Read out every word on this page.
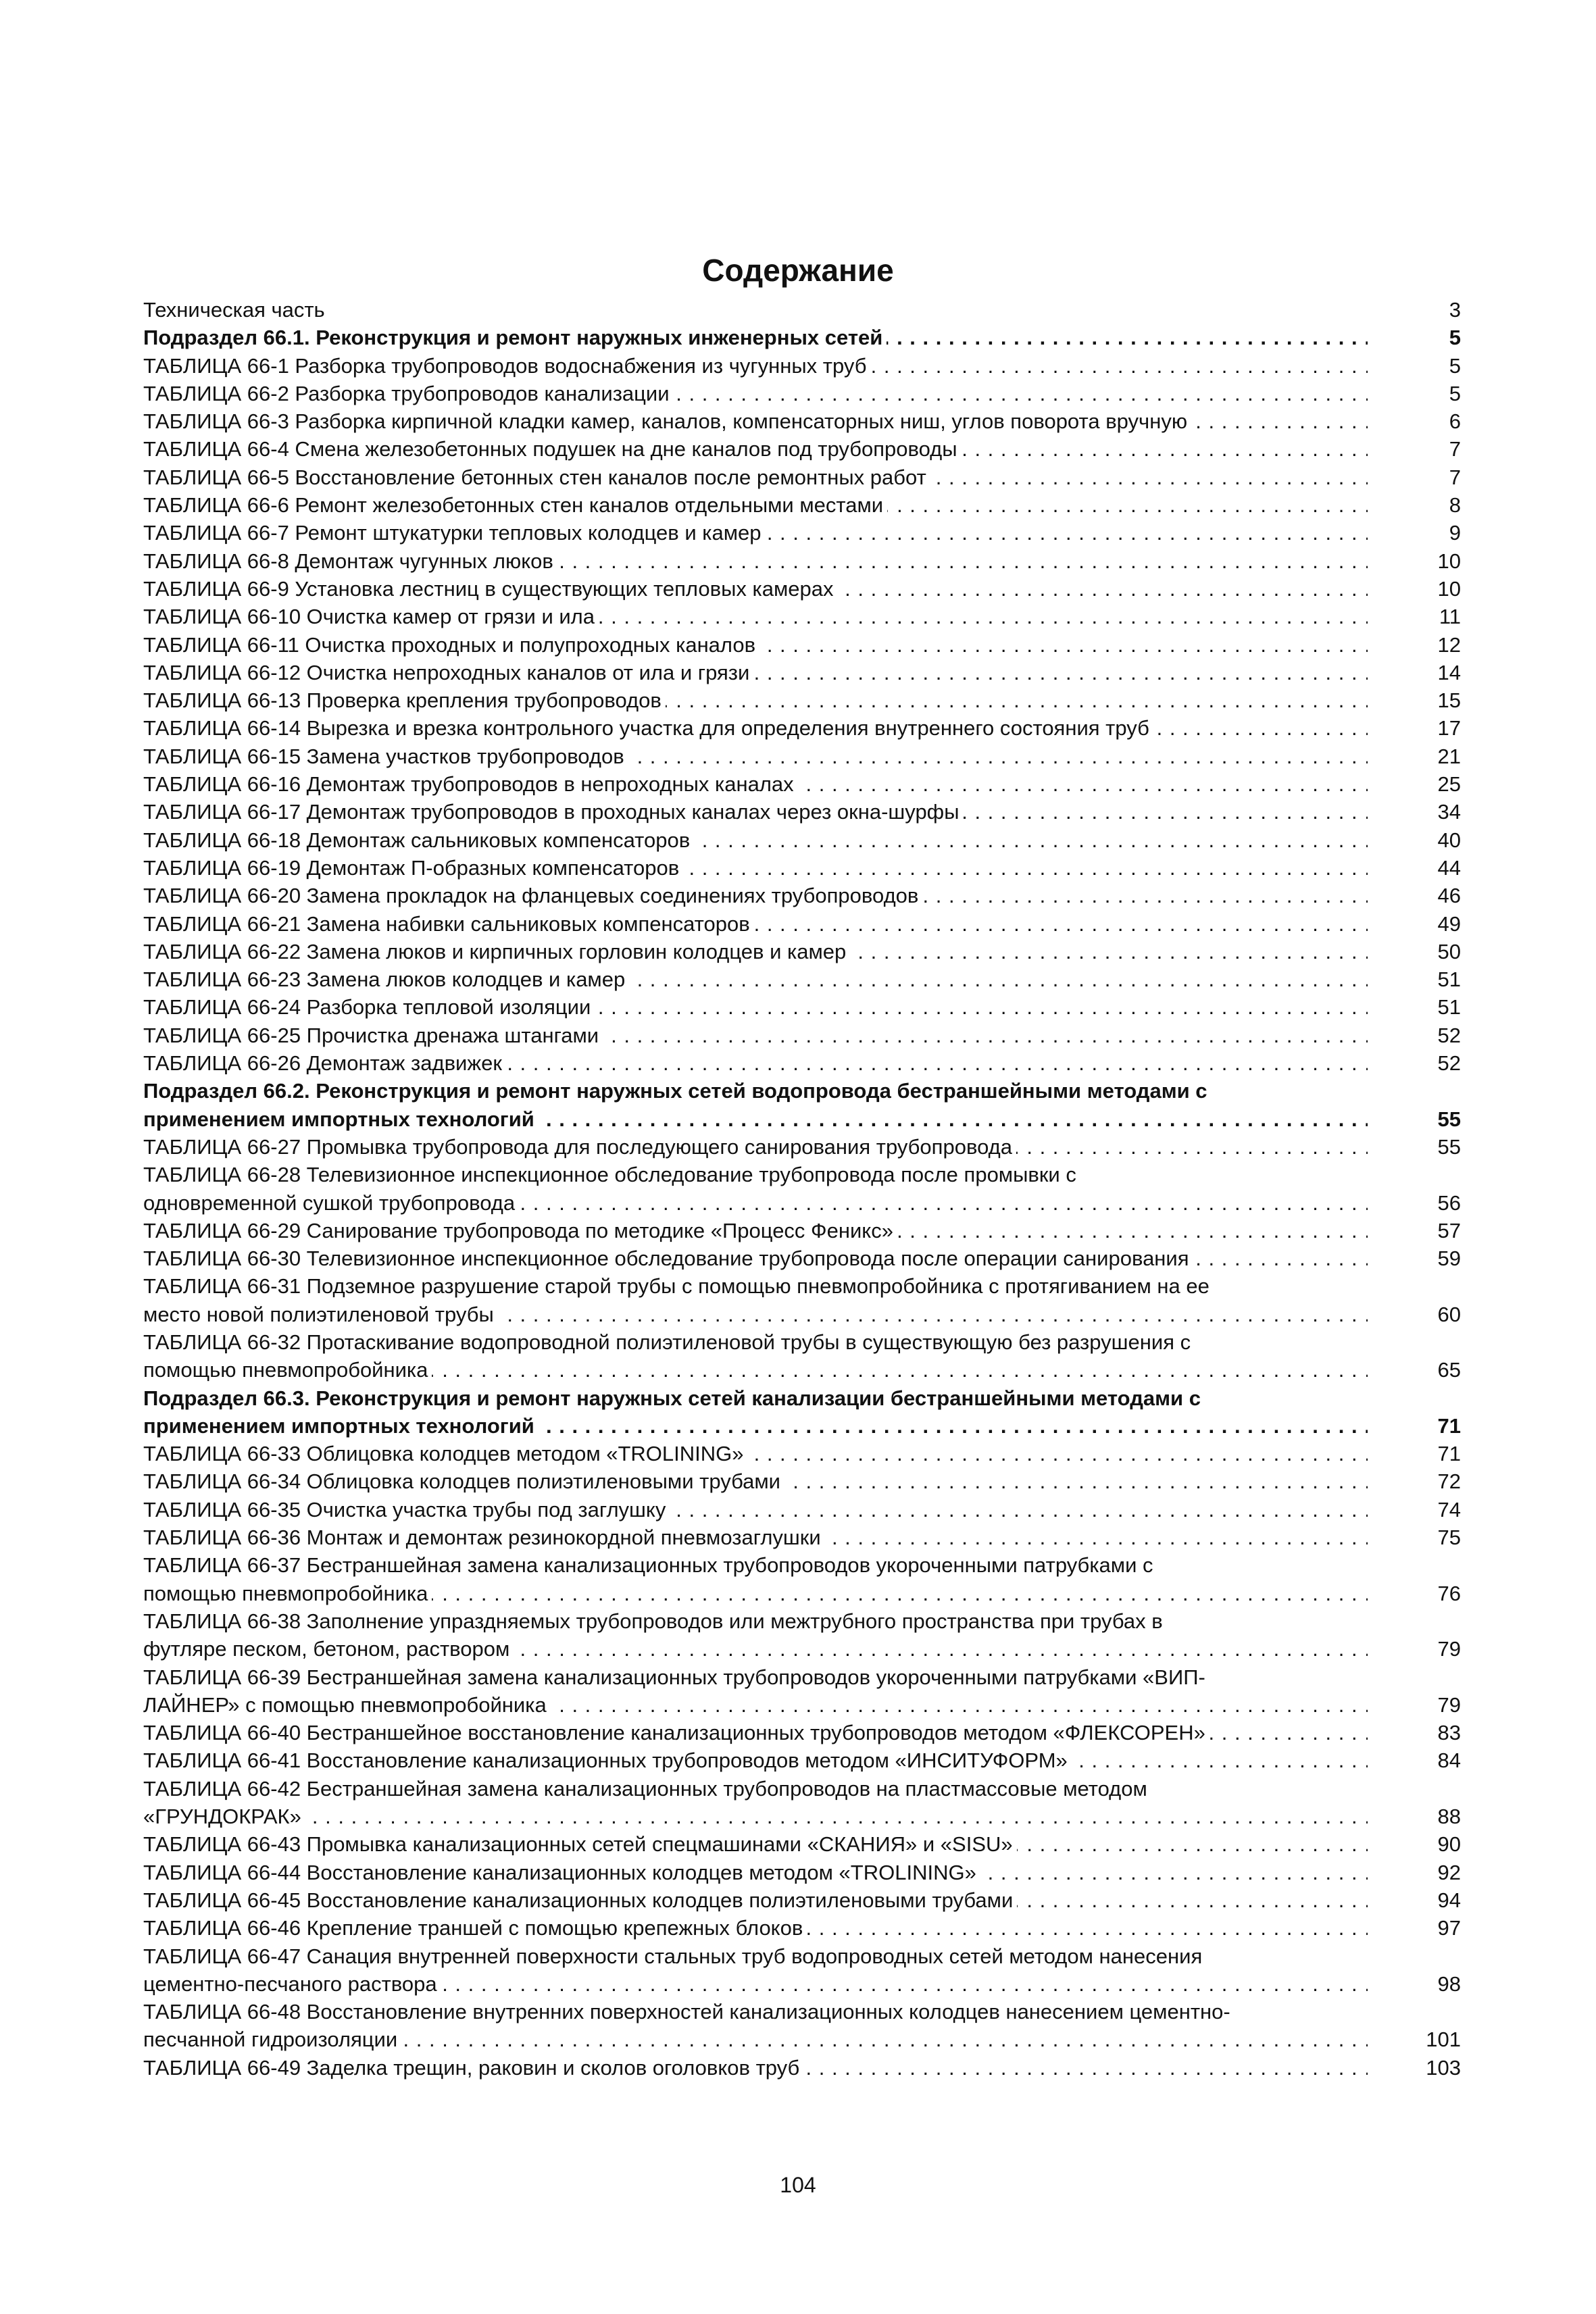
Содержание
Техническая часть	3
Подраздел 66.1. Реконструкция и ремонт наружных инженерных сетей . . .	5
ТАБЛИЦА 66-1 Разборка трубопроводов водоснабжения из чугунных труб . . .	5
ТАБЛИЦА 66-2 Разборка трубопроводов канализации . . .	5
ТАБЛИЦА 66-3 Разборка кирпичной кладки камер, каналов, компенсаторных ниш, углов поворота вручную . . .	6
ТАБЛИЦА 66-4 Смена железобетонных подушек на дне каналов под трубопроводы . . .	7
ТАБЛИЦА 66-5 Восстановление бетонных стен каналов после ремонтных работ . . .	7
ТАБЛИЦА 66-6 Ремонт железобетонных стен каналов отдельными местами . . .	8
ТАБЛИЦА 66-7 Ремонт штукатурки тепловых колодцев и камер . . .	9
ТАБЛИЦА 66-8 Демонтаж чугунных люков . . .	10
ТАБЛИЦА 66-9 Установка лестниц в существующих тепловых камерах . . .	10
ТАБЛИЦА 66-10 Очистка камер от грязи и ила . . .	11
ТАБЛИЦА 66-11 Очистка проходных и полупроходных каналов . . .	12
ТАБЛИЦА 66-12 Очистка непроходных каналов от ила и грязи . . .	14
ТАБЛИЦА 66-13 Проверка крепления трубопроводов . . .	15
ТАБЛИЦА 66-14 Вырезка и врезка контрольного участка для определения внутреннего состояния труб . . .	17
ТАБЛИЦА 66-15 Замена участков трубопроводов . . .	21
ТАБЛИЦА 66-16 Демонтаж трубопроводов в непроходных каналах . . .	25
ТАБЛИЦА 66-17 Демонтаж трубопроводов в проходных каналах через окна-шурфы . . .	34
ТАБЛИЦА 66-18 Демонтаж сальниковых компенсаторов . . .	40
ТАБЛИЦА 66-19 Демонтаж П-образных компенсаторов . . .	44
ТАБЛИЦА 66-20 Замена прокладок на фланцевых соединениях трубопроводов . . .	46
ТАБЛИЦА 66-21 Замена набивки сальниковых компенсаторов . . .	49
ТАБЛИЦА 66-22 Замена люков и кирпичных горловин колодцев и камер . . .	50
ТАБЛИЦА 66-23 Замена люков колодцев и камер . . .	51
ТАБЛИЦА 66-24 Разборка тепловой изоляции . . .	51
ТАБЛИЦА 66-25 Прочистка дренажа штангами . . .	52
ТАБЛИЦА 66-26 Демонтаж задвижек . . .	52
Подраздел 66.2. Реконструкция и ремонт наружных сетей водопровода бестраншейными методами с
применением импортных технологий . . .	55
ТАБЛИЦА 66-27 Промывка трубопровода для последующего санирования трубопровода . . .	55
ТАБЛИЦА 66-28 Телевизионное инспекционное обследование трубопровода после промывки с
одновременной сушкой трубопровода . . .	56
ТАБЛИЦА 66-29 Санирование трубопровода по методике «Процесс Феникс» . . .	57
ТАБЛИЦА 66-30 Телевизионное инспекционное обследование трубопровода после операции санирования . . .	59
ТАБЛИЦА 66-31 Подземное разрушение старой трубы с помощью пневмопробойника с протягиванием на ее
место новой полиэтиленовой трубы . . .	60
ТАБЛИЦА 66-32 Протаскивание водопроводной полиэтиленовой трубы в существующую без разрушения с
помощью пневмопробойника . . .	65
Подраздел 66.3. Реконструкция и ремонт наружных сетей канализации бестраншейными методами с
применением импортных технологий . . .	71
ТАБЛИЦА 66-33 Облицовка колодцев методом «TROLINING» . . .	71
ТАБЛИЦА 66-34 Облицовка колодцев полиэтиленовыми трубами . . .	72
ТАБЛИЦА 66-35 Очистка участка трубы под заглушку . . .	74
ТАБЛИЦА 66-36 Монтаж и демонтаж резинокордной пневмозаглушки . . .	75
ТАБЛИЦА 66-37 Бестраншейная замена канализационных трубопроводов укороченными патрубками с
помощью пневмопробойника . . .	76
ТАБЛИЦА 66-38 Заполнение упраздняемых трубопроводов или межтрубного пространства при трубах в
футляре песком, бетоном, раствором . . .	79
ТАБЛИЦА 66-39 Бестраншейная замена канализационных трубопроводов укороченными патрубками «ВИП-
ЛАЙНЕР» с помощью пневмопробойника . . .	79
ТАБЛИЦА 66-40 Бестраншейное восстановление канализационных трубопроводов методом «ФЛЕКСОРЕН» . . .	83
ТАБЛИЦА 66-41 Восстановление канализационных трубопроводов методом «ИНСИТУФОРМ» . . .	84
ТАБЛИЦА 66-42 Бестраншейная замена канализационных трубопроводов на пластмассовые методом
«ГРУНДОКРАК» . . .	88
ТАБЛИЦА 66-43 Промывка канализационных сетей спецмашинами «СКАНИЯ» и «SISU» . . .	90
ТАБЛИЦА 66-44 Восстановление канализационных колодцев методом «TROLINING» . . .	92
ТАБЛИЦА 66-45 Восстановление канализационных колодцев полиэтиленовыми трубами . . .	94
ТАБЛИЦА 66-46 Крепление траншей с помощью крепежных блоков . . .	97
ТАБЛИЦА 66-47 Санация внутренней поверхности стальных труб водопроводных сетей методом нанесения
цементно-песчаного раствора . . .	98
ТАБЛИЦА 66-48 Восстановление внутренних поверхностей канализационных колодцев нанесением цементно-
песчанной гидроизоляции . . .	101
ТАБЛИЦА 66-49 Заделка трещин, раковин и сколов оголовков труб . . .	103
104
